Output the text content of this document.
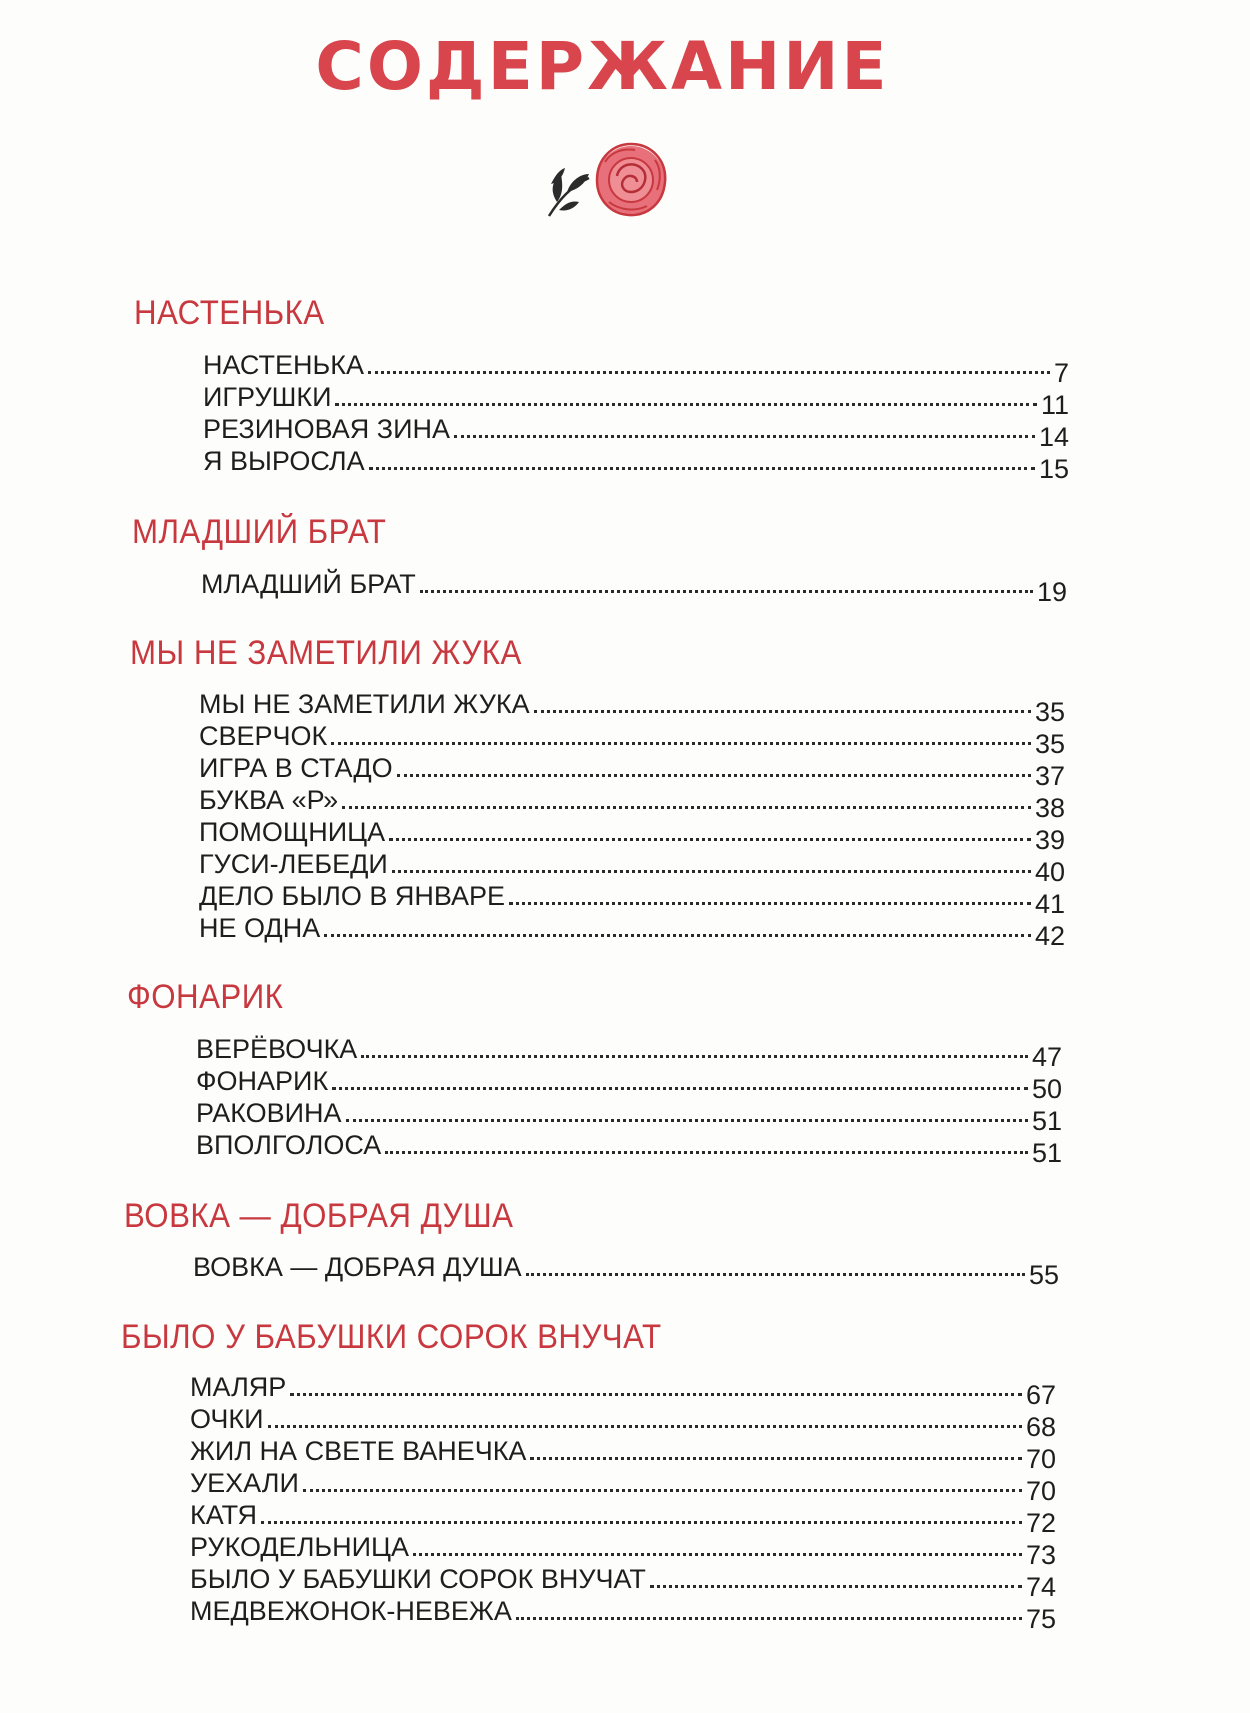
СОДЕРЖАНИЕ
НАСТЕНЬКА
НАСТЕНЬКА	7
ИГРУШКИ	11
РЕЗИНОВАЯ ЗИНА	14
Я ВЫРОСЛА	15
МЛАДШИЙ БРАТ
МЛАДШИЙ БРАТ	19
МЫ НЕ ЗАМЕТИЛИ ЖУКА
МЫ НЕ ЗАМЕТИЛИ ЖУКА	35
СВЕРЧОК	35
ИГРА В СТАДО	37
БУКВА «Р»	38
ПОМОЩНИЦА	39
ГУСИ-ЛЕБЕДИ	40
ДЕЛО БЫЛО В ЯНВАРЕ	41
НЕ ОДНА	42
ФОНАРИК
ВЕРЁВОЧКА	47
ФОНАРИК	50
РАКОВИНА	51
ВПОЛГОЛОСА	51
ВОВКА — ДОБРАЯ ДУША
ВОВКА — ДОБРАЯ ДУША	55
БЫЛО У БАБУШКИ СОРОК ВНУЧАТ
МАЛЯР	67
ОЧКИ	68
ЖИЛ НА СВЕТЕ ВАНЕЧКА	70
УЕХАЛИ	70
КАТЯ	72
РУКОДЕЛЬНИЦА	73
БЫЛО У БАБУШКИ СОРОК ВНУЧАТ	74
МЕДВЕЖОНОК-НЕВЕЖА	75
